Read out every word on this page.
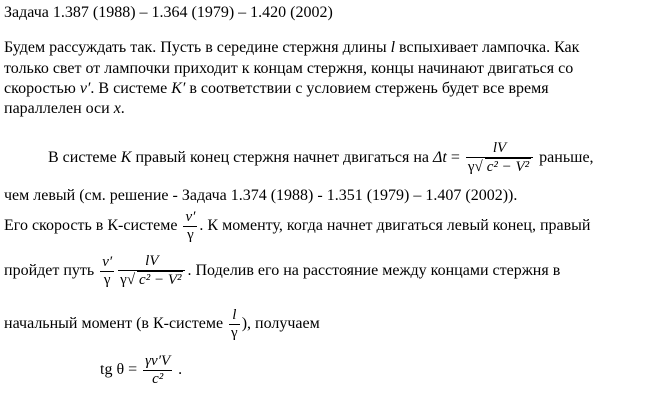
Задача 1.387 (1988) – 1.364 (1979) – 1.420 (2002)
Будем рассуждать так. Пусть в середине стержня длины l вспыхивает лампочка. Как
только свет от лампочки приходит к концам стержня, концы начинают двигаться со
скоростью v′. В системе K′ в соответствии с условием стержень будет все время
параллелен оси x.
В системе K правый конец стержня начнет двигаться на $\Delta t = \frac{lV}{\text{γ√ c² − V²}}$ раньше,
чем левый (см. решение - Задача 1.374 (1988) - 1.351 (1979) – 1.407 (2002)).
Его скорость в К-системе $\frac{v'}{\gamma}$ . К моменту, когда начнет двигаться левый конец, правый
пройдет путь $\frac{v'}{\gamma} \frac{lV}{\text{γ√ c² − V²}}$ . Поделив его на расстояние между концами стержня в
начальный момент (в К-системе $\frac{l}{\gamma}$ ), получаем
tg $\theta = \frac{\gamma v'V}{\text{c²}}$ .
